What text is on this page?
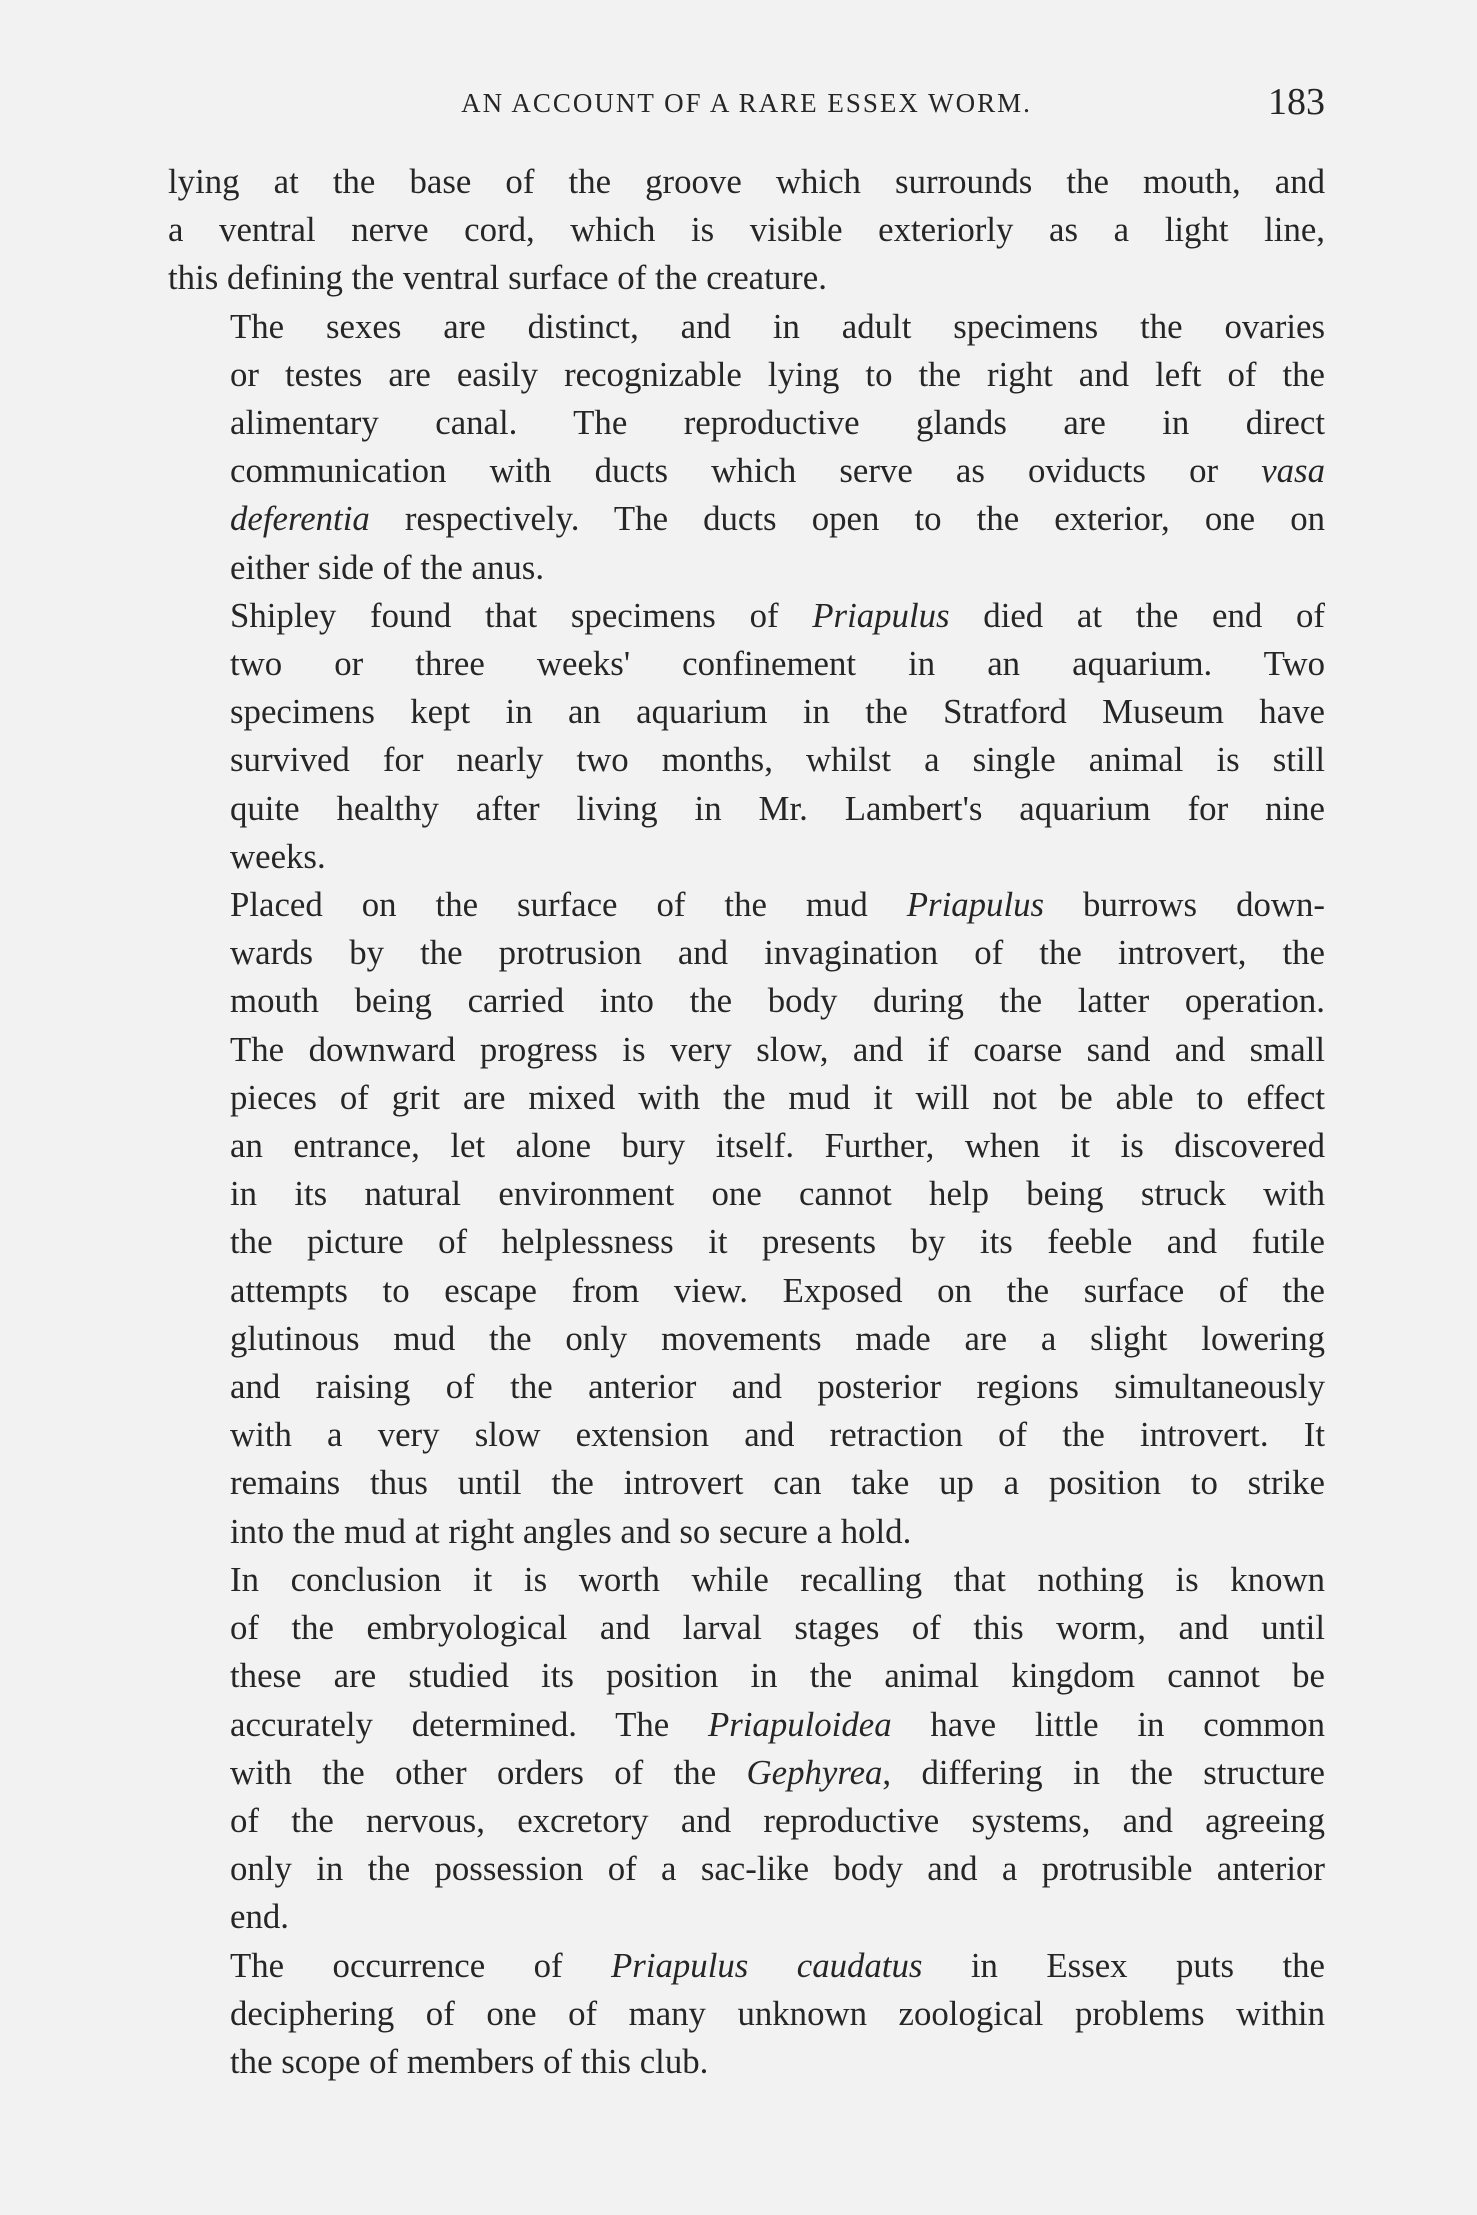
AN ACCOUNT OF A RARE ESSEX WORM.	183

lying at the base of the groove which surrounds the mouth, and
a ventral nerve cord, which is visible exteriorly as a light line,
this defining the ventral surface of the creature.

The sexes are distinct, and in adult specimens the ovaries
or testes are easily recognizable lying to the right and left of the
alimentary canal. The reproductive glands are in direct
communication with ducts which serve as oviducts or vasa
deferentia respectively. The ducts open to the exterior, one on
either side of the anus.

Shipley found that specimens of Priapulus died at the end of
two or three weeks' confinement in an aquarium. Two
specimens kept in an aquarium in the Stratford Museum have
survived for nearly two months, whilst a single animal is still
quite healthy after living in Mr. Lambert's aquarium for nine
weeks.

Placed on the surface of the mud Priapulus burrows down-
wards by the protrusion and invagination of the introvert, the
mouth being carried into the body during the latter operation.
The downward progress is very slow, and if coarse sand and small
pieces of grit are mixed with the mud it will not be able to effect
an entrance, let alone bury itself. Further, when it is discovered
in its natural environment one cannot help being struck with
the picture of helplessness it presents by its feeble and futile
attempts to escape from view. Exposed on the surface of the
glutinous mud the only movements made are a slight lowering
and raising of the anterior and posterior regions simultaneously
with a very slow extension and retraction of the introvert. It
remains thus until the introvert can take up a position to strike
into the mud at right angles and so secure a hold.

In conclusion it is worth while recalling that nothing is known
of the embryological and larval stages of this worm, and until
these are studied its position in the animal kingdom cannot be
accurately determined. The Priapuloidea have little in common
with the other orders of the Gephyrea, differing in the structure
of the nervous, excretory and reproductive systems, and agreeing
only in the possession of a sac-like body and a protrusible anterior
end.

The occurrence of Priapulus caudatus in Essex puts the
deciphering of one of many unknown zoological problems within
the scope of members of this club.
